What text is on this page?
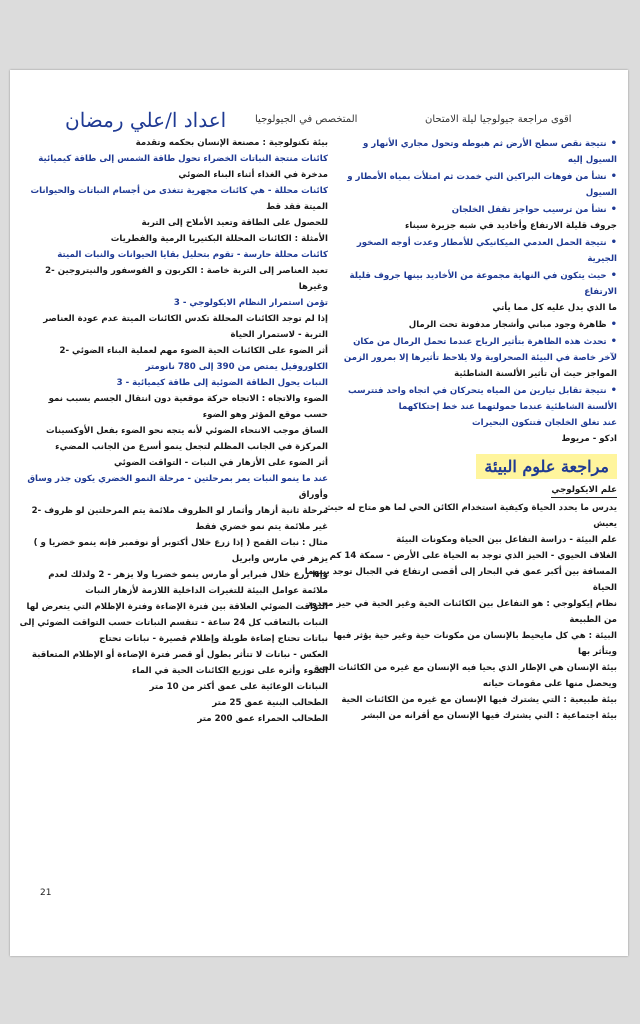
اعداد ا/علي رمضان	المتخصص في الجيولوجيا	اقوى مراجعة جيولوجيا ليلة الامتحان
بيئة تكنولوجية : مصنعة الإنسان بحكمه وتقدمة
كائنات منتجة النباتات الخضراء تحول طاقة الشمس إلى طاقة كيميائية
مدخرة في الغذاء أثناء البناء الضوئي
كائنات محللة - هي كائنات مجهرية تتغذى من أجسام النباتات والحيوانات
الميتة فقد قط
للحصول على الطاقة وتعيد الأملاح إلى التربة
الأمثلة : الكائنات المحللة البكتيريا الرمية والفطريات
كائنات محللة حارسة - تقوم بتحليل بقايا الحيوانات والنبات الميتة
تعيد العناصر إلى التربة خاصة : الكربون و الفوسفور والنيتروجين -2
وغيرها
تؤمن استمرار النظام الايكولوجي - 3
إذا لم توجد الكائنات المحللة تكدس الكائنات الميتة عدم عودة العناصر
التربة - لاستمرار الحياة
أثر الضوء على الكائنات الحية الضوء مهم لعملية البناء الضوئي -2
الكلوروفيل يمتص من 390 إلى 780 نانومتر
النبات يحول الطاقة الضوئية إلى طاقة كيميائية - 3
الضوء والاتجاه : الاتجاه حركة موقعية دون انتقال الجسم بسبب نمو
حسب موقع المؤثر وهو الضوء
الساق موجب الانتحاء الضوئي لأنه يتجه نحو الضوء بفعل الأوكسينات
المركزة في الجانب المظلم لتجعل ينمو أسرع من الجانب المضيء
أثر الضوء على الأزهار في النبات - التواقت الضوئي
عند ما ينمو النبات يمر بمرحلتين - مرحلة النمو الخضري يكون جذر وساق
وأوراق
مرحلة ثانية أزهار وأثمار لو الظروف ملائمة يتم المرحلتين لو ظروف -2
غير ملائمة يتم نمو خضري فقط
مثال : نبات القمح ( إذا زرع خلال أكتوبر أو نوفمبر فإنه ينمو خضريا و )
يزهر في مارس وابريل
وإذا زرع خلال فبراير أو مارس ينمو خضريا ولا يزهر - 2 ولذلك لعدم
ملائمة عوامل البيئة للتغيرات الداخلية اللازمة لأزهار النبات
التواقت الضوئي العلاقة بين فترة الإضاءة وفترة الإظلام التي يتعرض لها
النبات بالتعاقب كل 24 ساعة - تنقسم النباتات حسب التواقت الضوئي إلى
نباتات تحتاج إضاءة طويلة وإظلام قصيرة - نباتات تحتاج
العكس - نباتات لا تتأثر بطول أو قصر فترة الإضاءة أو الإظلام المتعاقبة
الضوء وأثره على توزيع الكائنات الحية في الماء
النباتات الوعائية على عمق أكثر من 10 متر
الطحالب البنية عمق 25 متر
الطحالب الحمراء عمق 200 متر
• نتيجة نقص سطح الأرض ثم هبوطه وتحول مجاري الأنهار و
السيول إليه
• نشأ من فوهات البراكين التي خمدت ثم امتلأت بمياه الأمطار و
السيول
• نشأ من ترسيب حواجز تقفل الخلجان
جروف قليلة الارتفاع وأخاديد في شبه جزيرة سيناء
• نتيجة الحمل العدمي الميكانيكي للأمطار وعدت أوجه الصخور
الجيرية
• حيث يتكون في النهاية مجموعة من الأخاديد بينها جروف قليلة
الارتفاع
ما الذي يدل عليه كل مما يأتي
• ظاهرة وجود مباني وأشجار مدفونة تحت الرمال
• تحدث هذه الظاهرة بتأثير الرياح عندما تحمل الرمال من مكان
لآخر خاصة في البيئة الصحراوية ولا يلاحظ تأثيرها إلا بمرور الزمن
المواجز حيث أن تأثير الألسنة الشاطئية
• نتيجة تقابل تيارين من المياه يتحركان في اتجاه واحد فتترسب
الألسنة الشاطئية عندما حمولتهما عند خط إحتكاكهما
عند تغلق الخلجان فتتكون البحيرات
ادكو - مريوط
مراجعة علوم البيئة
علم الايكولوجي
يدرس ما يحدد الحياة وكيفية استخدام الكائن الحي لما هو متاح له حيث
يعيش
علم البيئة - دراسة التفاعل بين الحياة ومكونات البيئة
الغلاف الحيوي - الحيز الذي توجد به الحياة على الأرض - سمكة 14 كم
المسافة بين أكبر عمق في البحار إلى أقصى ارتفاع في الجبال توجد بينهما
الحياة
نظام إيكولوجي : هو التفاعل بين الكائنات الحية وغير الحية في حيز محدود
من الطبيعة
البيئة : هي كل مايحيط بالإنسان من مكونات حية وغير حية يؤثر فيها
ويتأثر بها
بيئة الإنسان هي الإطار الذي يحيا فيه الإنسان مع غيره من الكائنات الحية
ويحصل منها على مقومات حياته
بيئة طبيعية : التي يشترك فيها الإنسان مع غيره من الكائنات الحية
بيئة اجتماعية : التي يشترك فيها الإنسان مع أقرانه من البشر
21
